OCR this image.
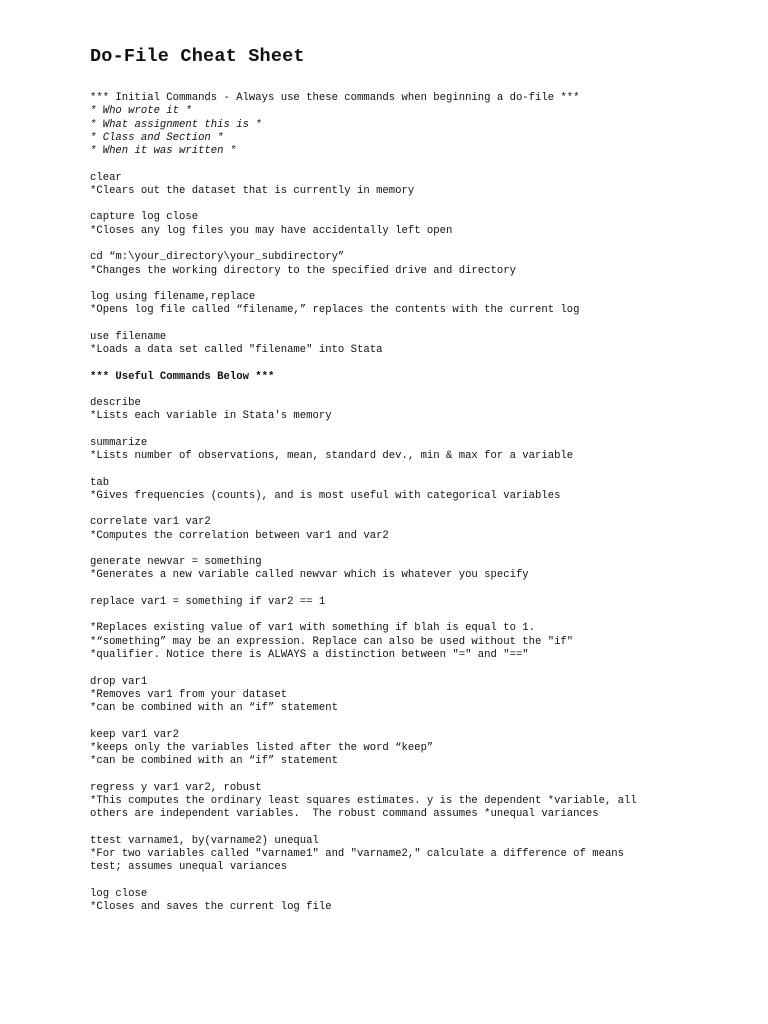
Do-File Cheat Sheet
*** Initial Commands - Always use these commands when beginning a do-file ***
* Who wrote it *
* What assignment this is *
* Class and Section *
* When it was written *
clear
*Clears out the dataset that is currently in memory
capture log close
*Closes any log files you may have accidentally left open
cd “m:\your_directory\your_subdirectory”
*Changes the working directory to the specified drive and directory
log using filename,replace
*Opens log file called “filename,” replaces the contents with the current log
use filename
*Loads a data set called "filename" into Stata
*** Useful Commands Below ***
describe
*Lists each variable in Stata's memory
summarize
*Lists number of observations, mean, standard dev., min & max for a variable
tab
*Gives frequencies (counts), and is most useful with categorical variables
correlate var1 var2
*Computes the correlation between var1 and var2
generate newvar = something
*Generates a new variable called newvar which is whatever you specify
replace var1 = something if var2 == 1
*Replaces existing value of var1 with something if blah is equal to 1.
*“something” may be an expression. Replace can also be used without the "if"
*qualifier. Notice there is ALWAYS a distinction between "=" and "=="
drop var1
*Removes var1 from your dataset
*can be combined with an “if” statement
keep var1 var2
*keeps only the variables listed after the word “keep”
*can be combined with an “if” statement
regress y var1 var2, robust
*This computes the ordinary least squares estimates. y is the dependent *variable, all
others are independent variables.  The robust command assumes *unequal variances
ttest varname1, by(varname2) unequal
*For two variables called "varname1" and "varname2," calculate a difference of means
test; assumes unequal variances
log close
*Closes and saves the current log file
